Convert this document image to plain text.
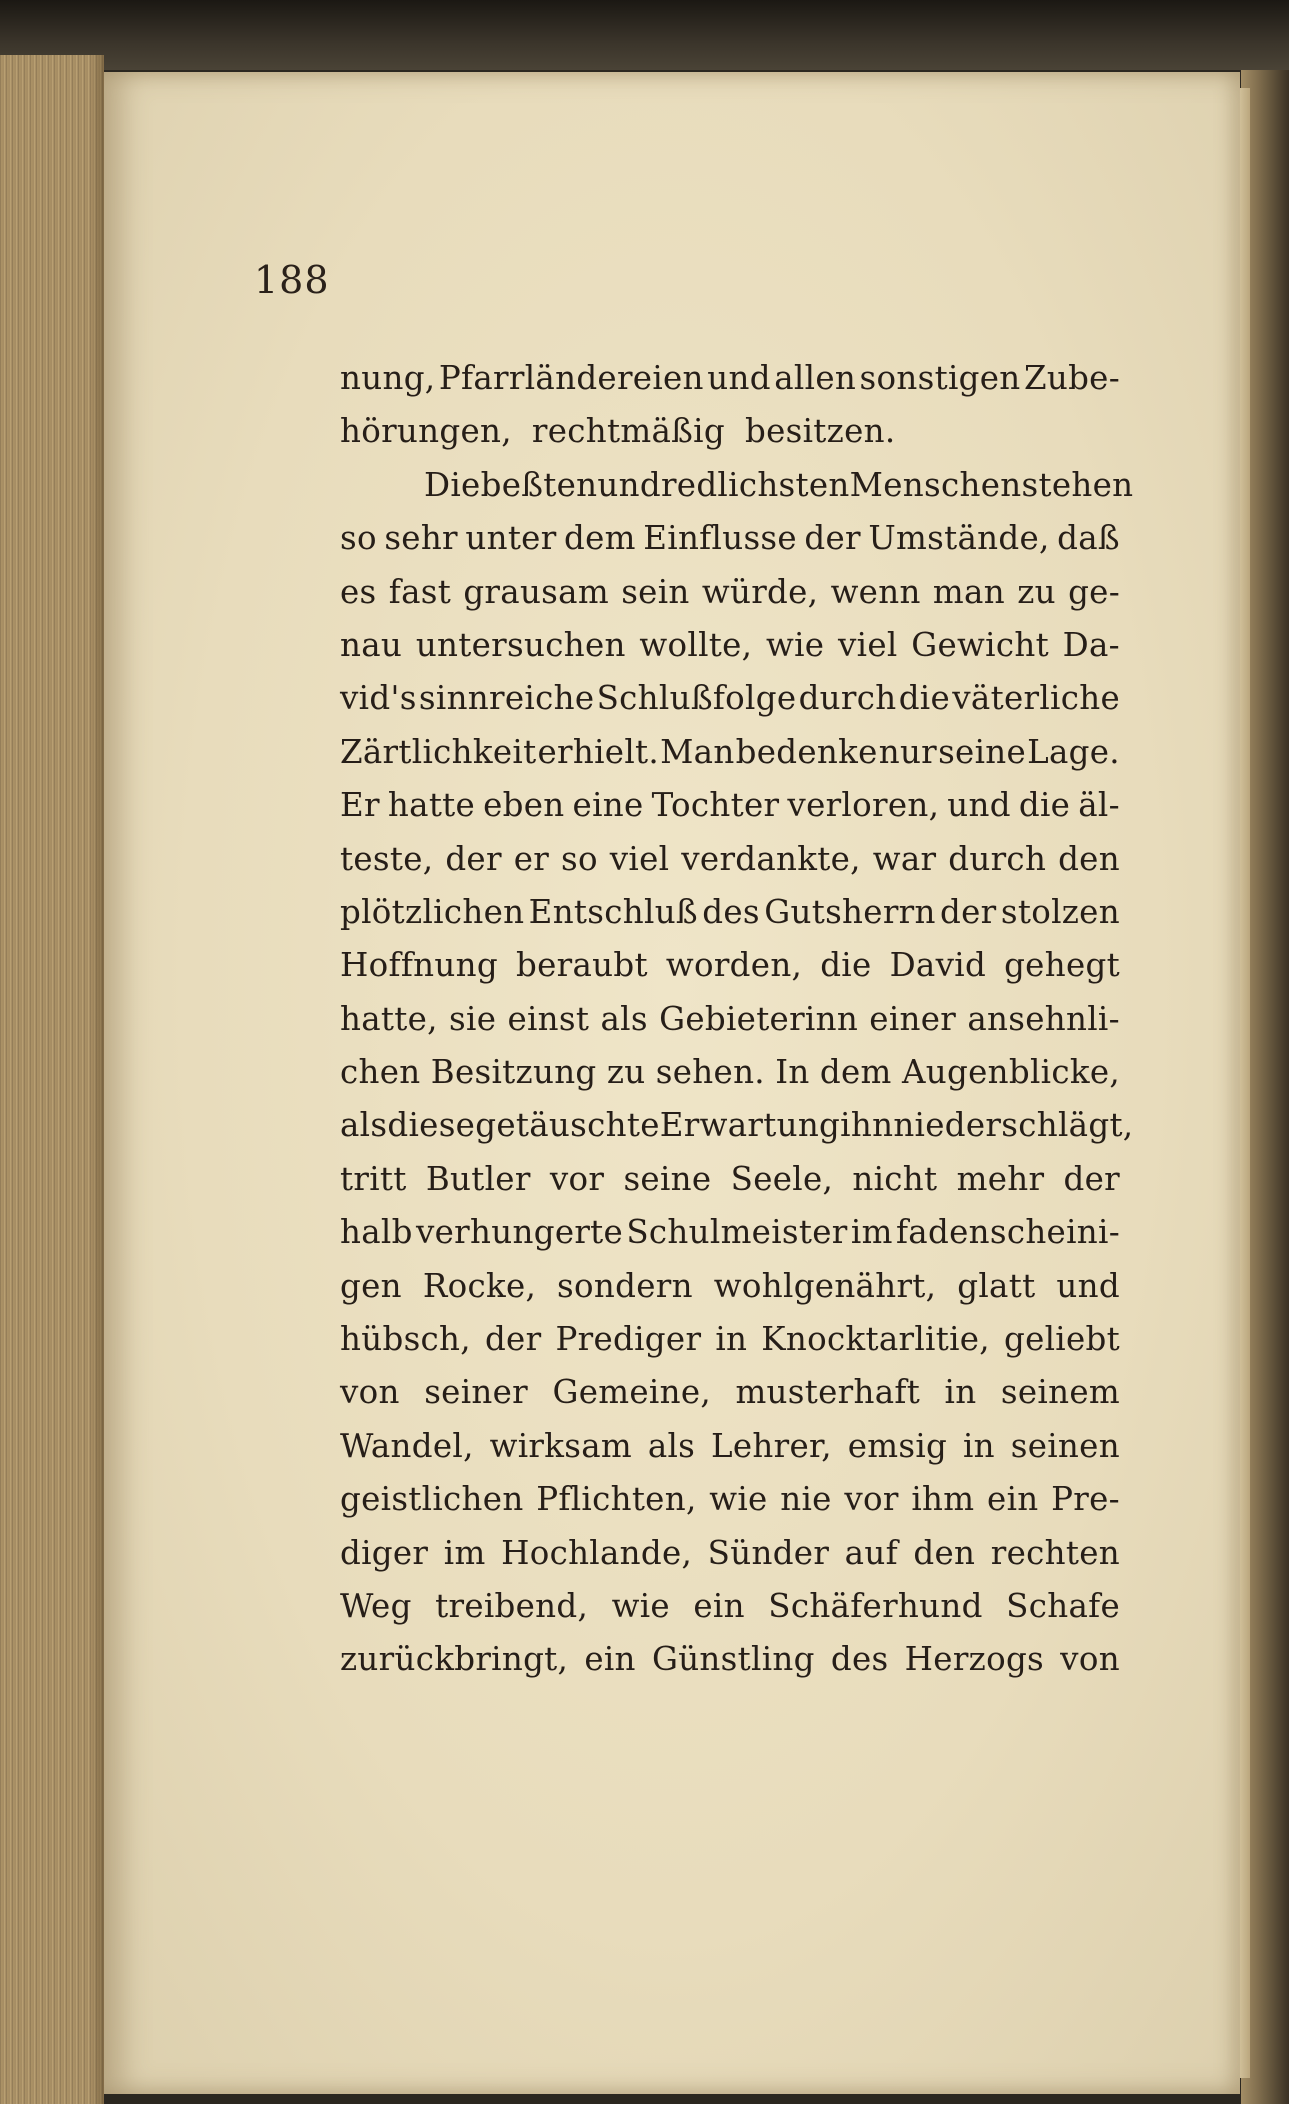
188
nung, Pfarrländereien und allen sonstigen Zube-
hörungen, rechtmäßig besitzen.
Die beßten und redlichsten Menschen stehen
so sehr unter dem Einflusse der Umstände, daß
es fast grausam sein würde, wenn man zu ge-
nau untersuchen wollte, wie viel Gewicht Da-
vid's sinnreiche Schlußfolge durch die väterliche
Zärtlichkeit erhielt. Man bedenke nur seine Lage.
Er hatte eben eine Tochter verloren, und die äl-
teste, der er so viel verdankte, war durch den
plötzlichen Entschluß des Gutsherrn der stolzen
Hoffnung beraubt worden, die David gehegt
hatte, sie einst als Gebieterinn einer ansehnli-
chen Besitzung zu sehen. In dem Augenblicke,
als diese getäuschte Erwartung ihn niederschlägt,
tritt Butler vor seine Seele, nicht mehr der
halb verhungerte Schulmeister im fadenscheini-
gen Rocke, sondern wohlgenährt, glatt und
hübsch, der Prediger in Knocktarlitie, geliebt
von seiner Gemeine, musterhaft in seinem
Wandel, wirksam als Lehrer, emsig in seinen
geistlichen Pflichten, wie nie vor ihm ein Pre-
diger im Hochlande, Sünder auf den rechten
Weg treibend, wie ein Schäferhund Schafe
zurückbringt, ein Günstling des Herzogs von
